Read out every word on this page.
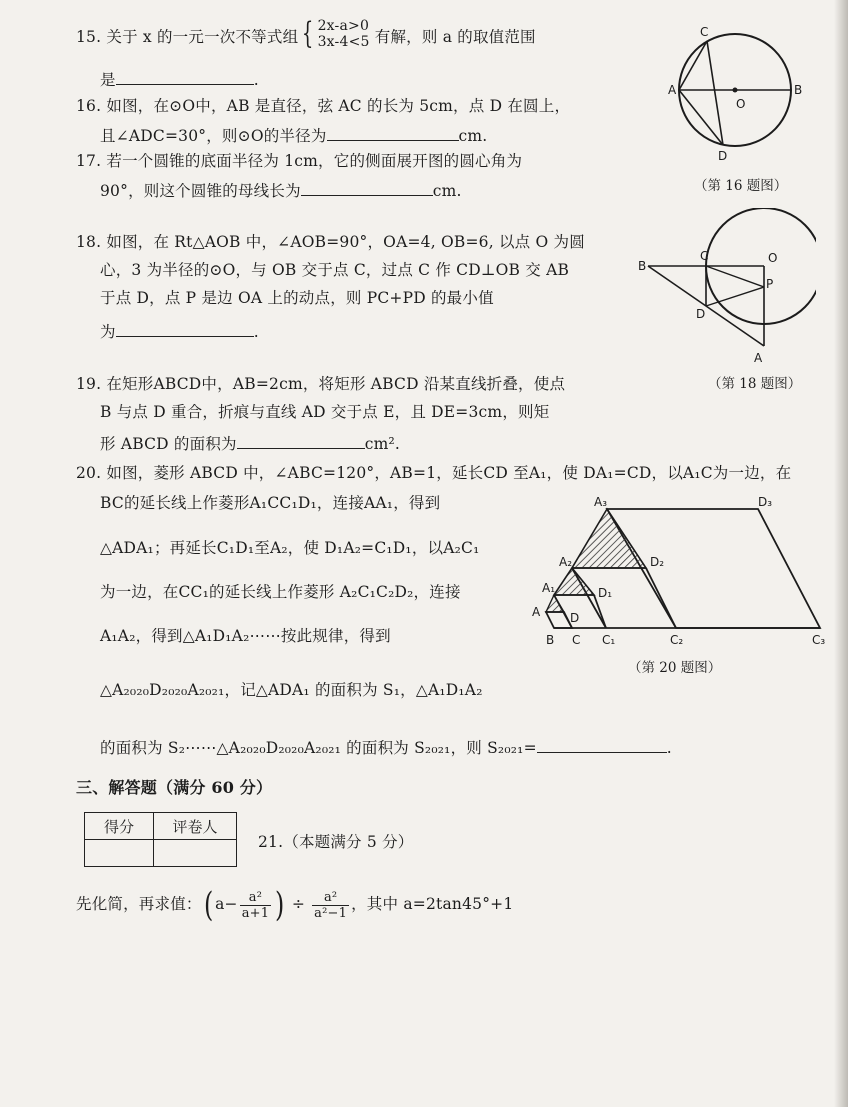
15. 关于 x 的一元一次不等式组 { 2x-a>0
3x-4<5 有解，则 a 的取值范围
是	.
16. 如图，在⊙O中，AB 是直径，弦 AC 的长为 5cm，点 D 在圆上，
且∠ADC=30°，则⊙O的半径为	cm.
17. 若一个圆锥的底面半径为 1cm，它的侧面展开图的圆心角为
90°，则这个圆锥的母线长为	cm.
18. 如图，在 Rt△AOB 中，∠AOB=90°，OA=4, OB=6, 以点 O 为圆
心，3 为半径的⊙O，与 OB 交于点 C，过点 C 作 CD⊥OB 交 AB
于点 D，点 P 是边 OA 上的动点，则 PC+PD 的最小值
为	.
19. 在矩形ABCD中，AB=2cm，将矩形 ABCD 沿某直线折叠，使点
B 与点 D 重合，折痕与直线 AD 交于点 E，且 DE=3cm，则矩
形 ABCD 的面积为	cm².
20. 如图，菱形 ABCD 中，∠ABC=120°，AB=1，延长CD 至A₁，使 DA₁=CD，以A₁C为一边，在
BC的延长线上作菱形A₁CC₁D₁，连接AA₁，得到
△ADA₁；再延长C₁D₁至A₂，使 D₁A₂=C₁D₁，以A₂C₁
为一边，在CC₁的延长线上作菱形 A₂C₁C₂D₂，连接
A₁A₂，得到△A₁D₁A₂⋯⋯按此规律，得到
△A₂₀₂₀D₂₀₂₀A₂₀₂₁，记△ADA₁ 的面积为 S₁，△A₁D₁A₂
的面积为 S₂⋯⋯△A₂₀₂₀D₂₀₂₀A₂₀₂₁ 的面积为 S₂₀₂₁，则 S₂₀₂₁=	.
三、解答题（满分 60 分）
得分	评卷人

21.（本题满分 5 分）
先化简，再求值：( $a- \frac{\text{a²}}{a+1}$ ) ÷ $\frac{\text{a²}}{\text{a²−1}}$ ，其中 a=2tan45°+1
A	B
C
D
O
（第 16 题图）
B
O
P
D
A
C
（第 18 题图）
A₃	D₃
A₂	D₂
A₁	D₁
A D
B C C₁	C₂	C₃
（第 20 题图）
